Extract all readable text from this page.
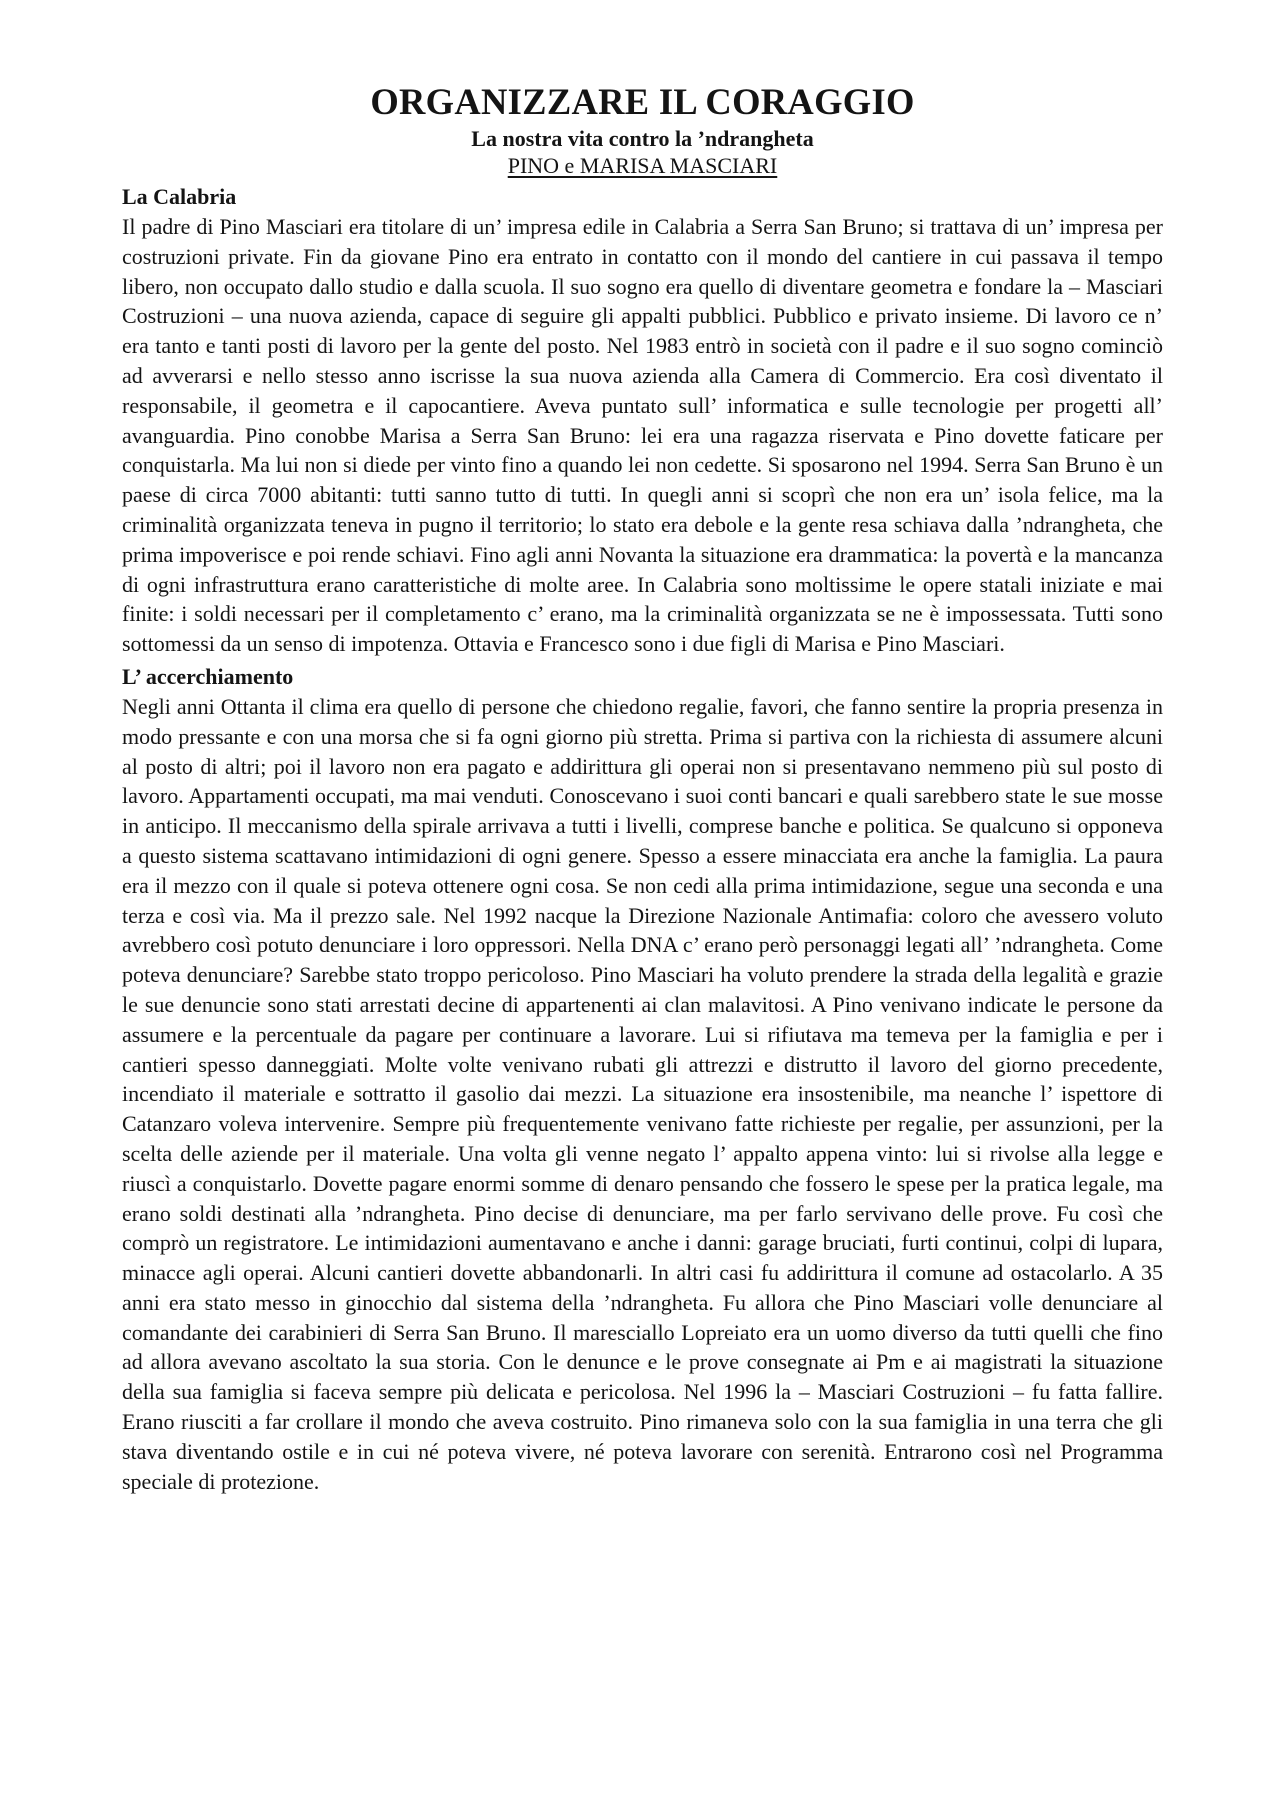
ORGANIZZARE IL CORAGGIO
La nostra vita contro la ’ndrangheta
PINO e MARISA MASCIARI
La Calabria

Il padre di Pino Masciari era titolare di un’ impresa edile in Calabria a Serra San Bruno; si trattava di un’ impresa per costruzioni private. Fin da giovane Pino era entrato in contatto con il mondo del cantiere in cui passava il tempo libero, non occupato dallo studio e dalla scuola. Il suo sogno era quello di diventare geometra e fondare la – Masciari Costruzioni – una nuova azienda, capace di seguire gli appalti pubblici. Pubblico e privato insieme. Di lavoro ce n’ era tanto e tanti posti di lavoro per la gente del posto. Nel 1983 entrò in società con il padre e il suo sogno cominciò ad avverarsi e nello stesso anno iscrisse la sua nuova azienda alla Camera di Commercio. Era così diventato il responsabile, il geometra e il capocantiere. Aveva puntato sull’ informatica e sulle tecnologie per progetti all’ avanguardia. Pino conobbe Marisa a Serra San Bruno: lei era una ragazza riservata e Pino dovette faticare per conquistarla. Ma lui non si diede per vinto fino a quando lei non cedette. Si sposarono nel 1994. Serra San Bruno è un paese di circa 7000 abitanti: tutti sanno tutto di tutti. In quegli anni si scoprì che non era un’ isola felice, ma la criminalità organizzata teneva in pugno il territorio; lo stato era debole e la gente resa schiava dalla ’ndrangheta, che prima impoverisce e poi rende schiavi. Fino agli anni Novanta la situazione era drammatica: la povertà e la mancanza di ogni infrastruttura erano caratteristiche di molte aree. In Calabria sono moltissime le opere statali iniziate e mai finite: i soldi necessari per il completamento c’ erano, ma la criminalità organizzata se ne è impossessata. Tutti sono sottomessi da un senso di impotenza. Ottavia e Francesco sono i due figli di Marisa e Pino Masciari.

L’ accerchiamento

Negli anni Ottanta il clima era quello di persone che chiedono regalie, favori, che fanno sentire la propria presenza in modo pressante e con una morsa che si fa ogni giorno più stretta. Prima si partiva con la richiesta di assumere alcuni al posto di altri; poi il lavoro non era pagato e addirittura gli operai non si presentavano nemmeno più sul posto di lavoro. Appartamenti occupati, ma mai venduti. Conoscevano i suoi conti bancari e quali sarebbero state le sue mosse in anticipo. Il meccanismo della spirale arrivava a tutti i livelli, comprese banche e politica. Se qualcuno si opponeva a questo sistema scattavano intimidazioni di ogni genere. Spesso a essere minacciata era anche la famiglia. La paura era il mezzo con il quale si poteva ottenere ogni cosa. Se non cedi alla prima intimidazione, segue una seconda e una terza e così via. Ma il prezzo sale. Nel 1992 nacque la Direzione Nazionale Antimafia: coloro che avessero voluto avrebbero così potuto denunciare i loro oppressori. Nella DNA c’ erano però personaggi legati all’ ’ndrangheta. Come poteva denunciare? Sarebbe stato troppo pericoloso. Pino Masciari ha voluto prendere la strada della legalità e grazie le sue denuncie sono stati arrestati decine di appartenenti ai clan malavitosi. A Pino venivano indicate le persone da assumere e la percentuale da pagare per continuare a lavorare. Lui si rifiutava ma temeva per la famiglia e per i cantieri spesso danneggiati. Molte volte venivano rubati gli attrezzi e distrutto il lavoro del giorno precedente, incendiato il materiale e sottratto il gasolio dai mezzi. La situazione era insostenibile, ma neanche l’ ispettore di Catanzaro voleva intervenire. Sempre più frequentemente venivano fatte richieste per regalie, per assunzioni, per la scelta delle aziende per il materiale. Una volta gli venne negato l’ appalto appena vinto: lui si rivolse alla legge e riuscì a conquistarlo. Dovette pagare enormi somme di denaro pensando che fossero le spese per la pratica legale, ma erano soldi destinati alla ’ndrangheta. Pino decise di denunciare, ma per farlo servivano delle prove. Fu così che comprò un registratore. Le intimidazioni aumentavano e anche i danni: garage bruciati, furti continui, colpi di lupara, minacce agli operai. Alcuni cantieri dovette abbandonarli. In altri casi fu addirittura il comune ad ostacolarlo. A 35 anni era stato messo in ginocchio dal sistema della ’ndrangheta. Fu allora che Pino Masciari volle denunciare al comandante dei carabinieri di Serra San Bruno. Il maresciallo Lopreiato era un uomo diverso da tutti quelli che fino ad allora avevano ascoltato la sua storia. Con le denunce e le prove consegnate ai Pm e ai magistrati la situazione della sua famiglia si faceva sempre più delicata e pericolosa. Nel 1996 la – Masciari Costruzioni – fu fatta fallire. Erano riusciti a far crollare il mondo che aveva costruito. Pino rimaneva solo con la sua famiglia in una terra che gli stava diventando ostile e in cui né poteva vivere, né poteva lavorare con serenità. Entrarono così nel Programma speciale di protezione.
